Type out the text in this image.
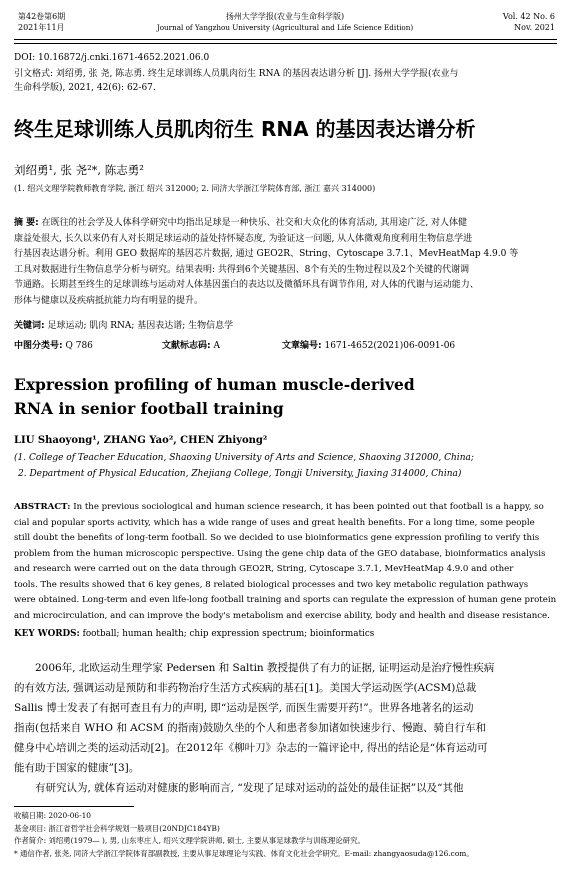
第42卷第6期
2021年11月
扬州大学学报(农业与生命科学版)
Journal of Yangzhou University (Agricultural and Life Science Edition)
Vol. 42 No. 6
Nov. 2021
DOI: 10.16872/j.cnki.1671-4652.2021.06.0
引文格式: 刘绍勇, 张 尧, 陈志勇. 终生足球训练人员肌肉衍生 RNA 的基因表达谱分析 [J]. 扬州大学学报(农业与
生命科学版), 2021, 42(6): 62-67.
终生足球训练人员肌肉衍生 RNA 的基因表达谱分析
刘绍勇¹, 张 尧²*, 陈志勇²
(1. 绍兴文理学院教师教育学院, 浙江 绍兴 312000; 2. 同济大学浙江学院体育部, 浙江 嘉兴 314000)
摘 要: 在既往的社会学及人体科学研究中均指出足球是一种快乐、社交和大众化的体育活动, 其用途广泛, 对人体健
康益处很大, 长久以来仍有人对长期足球运动的益处持怀疑态度, 为验证这一问题, 从人体微观角度利用生物信息学进
行基因表达谱分析。利用 GEO 数据库的基因芯片数据, 通过 GEO2R、String、Cytoscape 3.7.1、MevHeatMap 4.9.0 等
工具对数据进行生物信息学分析与研究。结果表明: 共得到6个关键基因、8个有关的生物过程以及2个关键的代谢调
节通路。长期甚至终生的足球训练与运动对人体基因蛋白的表达以及微循环具有调节作用, 对人体的代谢与运动能力、
形体与健康以及疾病抵抗能力均有明显的提升。
关键词: 足球运动; 肌肉 RNA; 基因表达谱; 生物信息学
中图分类号: Q 786	文献标志码: A	文章编号: 1671-4652(2021)06-0091-06
Expression profiling of human muscle-derived
RNA in senior football training
LIU Shaoyong¹, ZHANG Yao², CHEN Zhiyong²
(1. College of Teacher Education, Shaoxing University of Arts and Science, Shaoxing 312000, China;
2. Department of Physical Education, Zhejiang College, Tongji University, Jiaxing 314000, China)
ABSTRACT: In the previous sociological and human science research, it has been pointed out that football is a happy, so
cial and popular sports activity, which has a wide range of uses and great health benefits. For a long time, some people
still doubt the benefits of long-term football. So we decided to use bioinformatics gene expression profiling to verify this
problem from the human microscopic perspective. Using the gene chip data of the GEO database, bioinformatics analysis
and research were carried out on the data through GEO2R, String, Cytoscape 3.7.1, MevHeatMap 4.9.0 and other
tools. The results showed that 6 key genes, 8 related biological processes and two key metabolic regulation pathways
were obtained. Long-term and even life-long football training and sports can regulate the expression of human gene protein
and microcirculation, and can improve the body's metabolism and exercise ability, body and health and disease resistance.
KEY WORDS: football; human health; chip expression spectrum; bioinformatics
2006年, 北欧运动生理学家 Pedersen 和 Saltin 教授提供了有力的证据, 证明运动是治疗慢性疾病
的有效方法, 强调运动是预防和非药物治疗生活方式疾病的基石[1]。美国大学运动医学(ACSM)总裁
Sallis 博士发表了有据可查且有力的声明, 即“运动是医学, 而医生需要开药!”。世界各地著名的运动
指南(包括来自 WHO 和 ACSM 的指南)鼓励久坐的个人和患者参加诸如快速步行、慢跑、骑自行车和
健身中心培训之类的运动活动[2]。在2012年《柳叶刀》杂志的一篇评论中, 得出的结论是“体育运动可
能有助于国家的健康”[3]。
有研究认为, 就体育运动对健康的影响而言, “发现了足球对运动的益处的最佳证据”以及“其他
收稿日期: 2020-06-10
基金项目: 浙江省哲学社会科学规划一般项目(20NDJC184YB)
作者简介: 刘绍勇(1979— ), 男, 山东枣庄人, 绍兴文理学院讲师, 硕士, 主要从事足球教学与训练理论研究。
* 通信作者, 张尧, 同济大学浙江学院体育部副教授, 主要从事足球理论与实践、体育文化社会学研究。E-mail: zhangyaosuda@126.com。
